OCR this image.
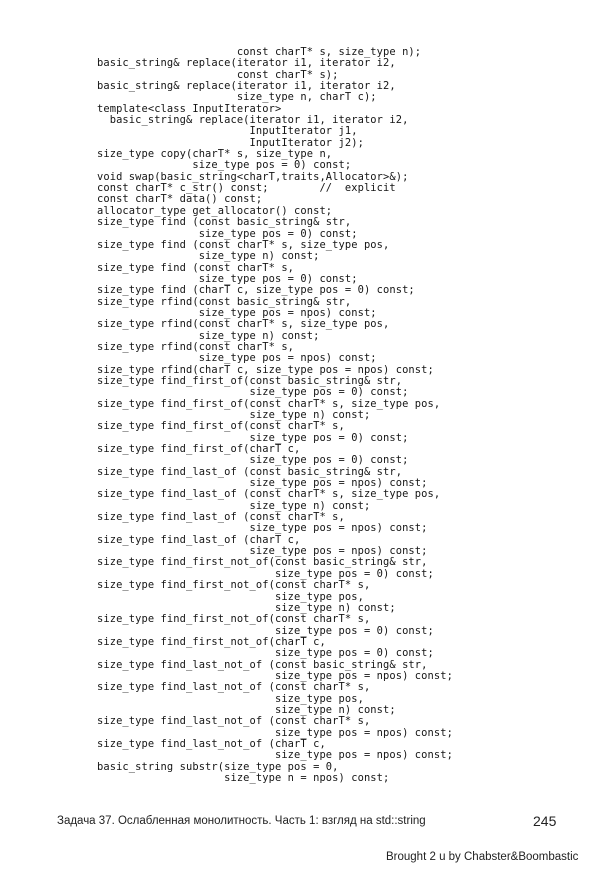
const charT* s, size_type n);
basic_string& replace(iterator i1, iterator i2,
const charT* s);
basic_string& replace(iterator i1, iterator i2,
size_type n, charT c);
template<class InputIterator>
basic_string& replace(iterator i1, iterator i2,
InputIterator j1,
InputIterator j2);
size_type copy(charT* s, size_type n,
size_type pos = 0) const;
void swap(basic_string<charT,traits,Allocator>&);
const charT* c_str() const;        //  explicit
const charT* data() const;
allocator_type get_allocator() const;
size_type find (const basic_string& str,
size_type pos = 0) const;
size_type find (const charT* s, size_type pos,
size_type n) const;
size_type find (const charT* s,
size_type pos = 0) const;
size_type find (charT c, size_type pos = 0) const;
size_type rfind(const basic_string& str,
size_type pos = npos) const;
size_type rfind(const charT* s, size_type pos,
size_type n) const;
size_type rfind(const charT* s,
size_type pos = npos) const;
size_type rfind(charT c, size_type pos = npos) const;
size_type find_first_of(const basic_string& str,
size_type pos = 0) const;
size_type find_first_of(const charT* s, size_type pos,
size_type n) const;
size_type find_first_of(const charT* s,
size_type pos = 0) const;
size_type find_first_of(charT c,
size_type pos = 0) const;
size_type find_last_of (const basic_string& str,
size_type pos = npos) const;
size_type find_last_of (const charT* s, size_type pos,
size_type n) const;
size_type find_last_of (const charT* s,
size_type pos = npos) const;
size_type find_last_of (charT c,
size_type pos = npos) const;
size_type find_first_not_of(const basic_string& str,
size_type pos = 0) const;
size_type find_first_not_of(const charT* s,
size_type pos,
size_type n) const;
size_type find_first_not_of(const charT* s,
size_type pos = 0) const;
size_type find_first_not_of(charT c,
size_type pos = 0) const;
size_type find_last_not_of (const basic_string& str,
size_type pos = npos) const;
size_type find_last_not_of (const charT* s,
size_type pos,
size_type n) const;
size_type find_last_not_of (const charT* s,
size_type pos = npos) const;
size_type find_last_not_of (charT c,
size_type pos = npos) const;
basic_string substr(size_type pos = 0,
size_type n = npos) const;
Задача 37. Ослабленная монолитность. Часть 1: взгляд на std::string	245
Brought 2 u by Chabster&Boombastic
